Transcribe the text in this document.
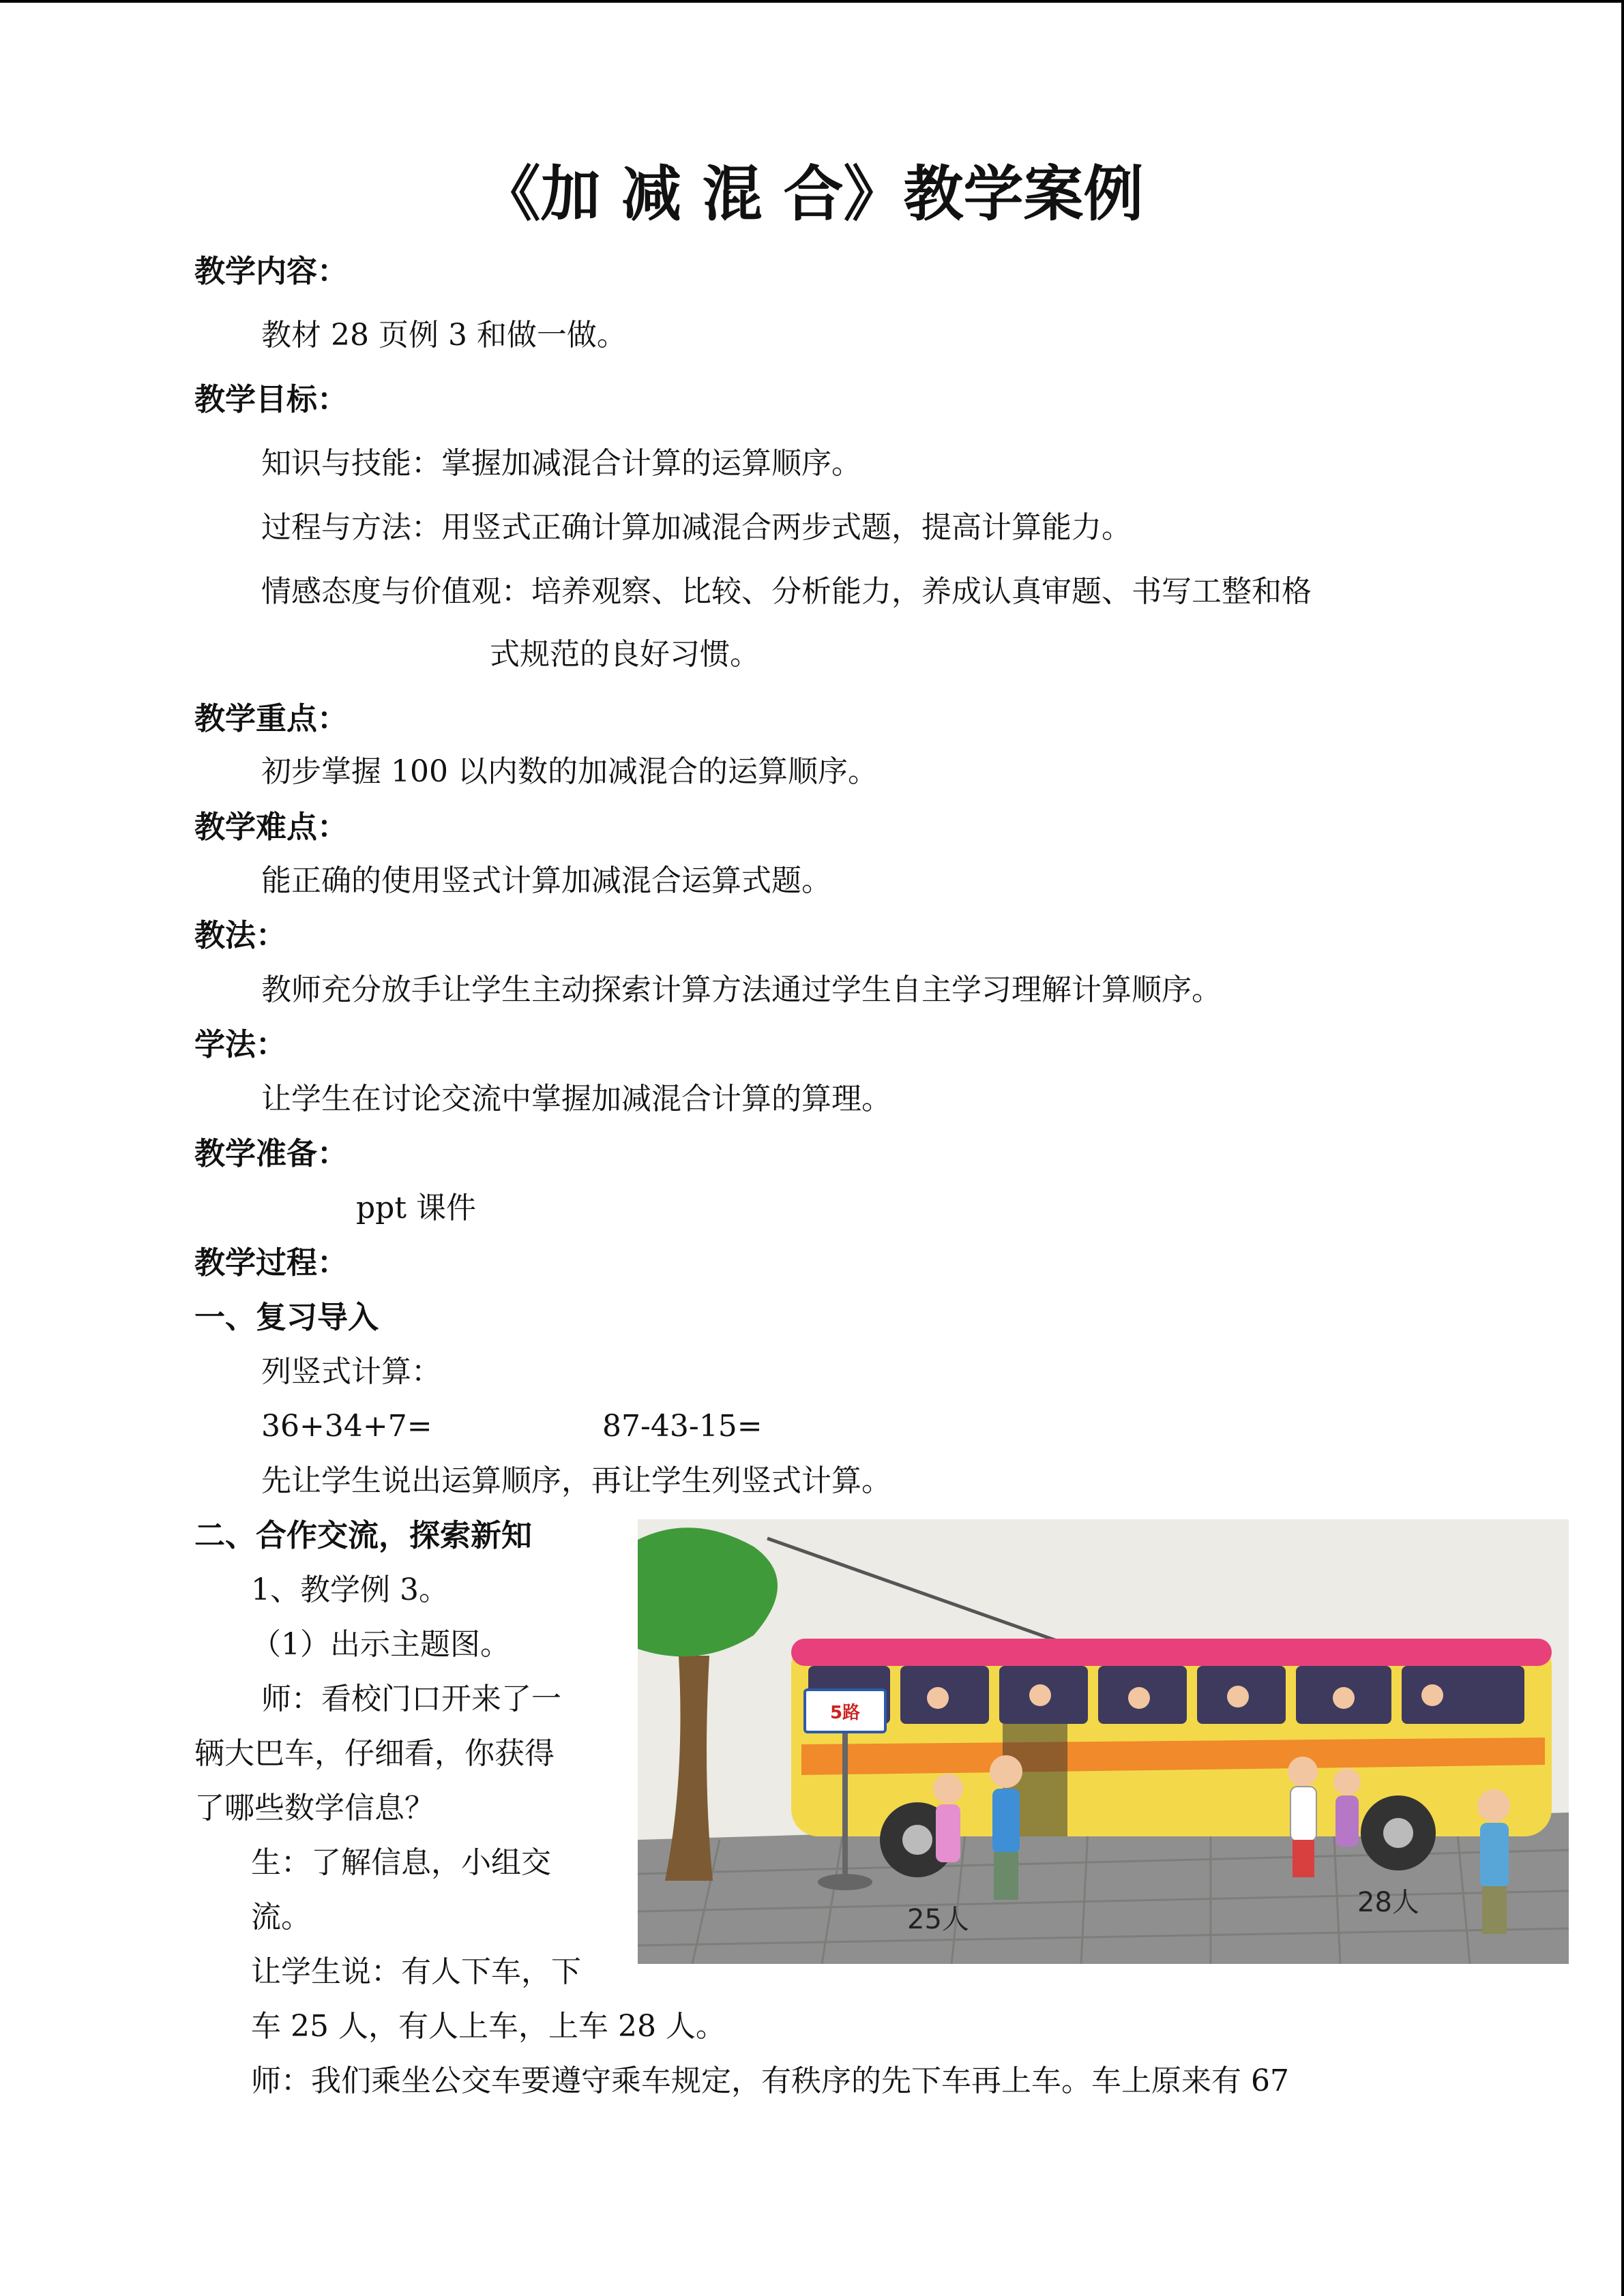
《加 减 混 合》教学案例
教学内容：
教材 28 页例 3 和做一做。
教学目标：
知识与技能：掌握加减混合计算的运算顺序。
过程与方法：用竖式正确计算加减混合两步式题，提高计算能力。
情感态度与价值观：培养观察、比较、分析能力，养成认真审题、书写工整和格
式规范的良好习惯。
教学重点：
初步掌握 100 以内数的加减混合的运算顺序。
教学难点：
能正确的使用竖式计算加减混合运算式题。
教法：
教师充分放手让学生主动探索计算方法通过学生自主学习理解计算顺序。
学法：
让学生在讨论交流中掌握加减混合计算的算理。
教学准备：
ppt 课件
教学过程：
一、复习导入
列竖式计算：
36+34+7=	87-43-15=
先让学生说出运算顺序，再让学生列竖式计算。
二、合作交流，探索新知
1、教学例 3。
（1）出示主题图。
师：看校门口开来了一
辆大巴车，仔细看，你获得
了哪些数学信息？
生：了解信息，小组交
流。
让学生说：有人下车，下
车 25 人，有人上车，上车 28 人。
师：我们乘坐公交车要遵守乘车规定，有秩序的先下车再上车。车上原来有 67
5路
25人
28人
